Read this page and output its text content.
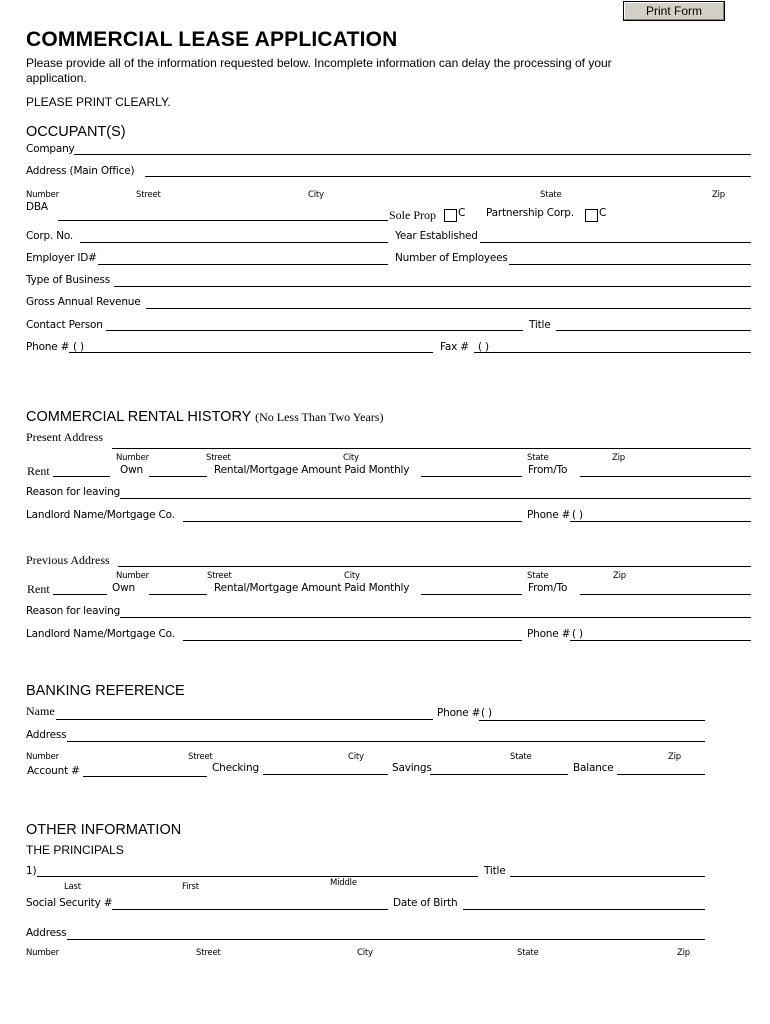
Print Form
COMMERCIAL LEASE APPLICATION
Please provide all of the information requested below. Incomplete information can delay the processing of your
application.
PLEASE PRINT CLEARLY.
OCCUPANT(S)
Company
Address (Main Office)
Number	Street	City	State	Zip
DBA
Sole Prop C Partnership Corp. C
Corp. No.	Year Established
Employer ID#	Number of Employees
Type of Business
Gross Annual Revenue
Contact Person	Title
Phone # ( )	Fax # ( )
COMMERCIAL RENTAL HISTORY (No Less Than Two Years)
Present Address
Number	Street	City	State	Zip
Rent	Own	Rental/Mortgage Amount Paid Monthly	From/To
Reason for leaving
Landlord Name/Mortgage Co.	Phone # ( )
Previous Address
Number	Street	City	State	Zip
Rent	Own	Rental/Mortgage Amount Paid Monthly	From/To
Reason for leaving
Landlord Name/Mortgage Co.	Phone # ( )
BANKING REFERENCE
Name	Phone # ( )
Address
Number	Street	City	State	Zip
Account #	Checking	Savings	Balance
OTHER INFORMATION
THE PRINCIPALS
1)	Title
Last	First	Middle
Social Security #	Date of Birth
Address
Number	Street	City	State	Zip
